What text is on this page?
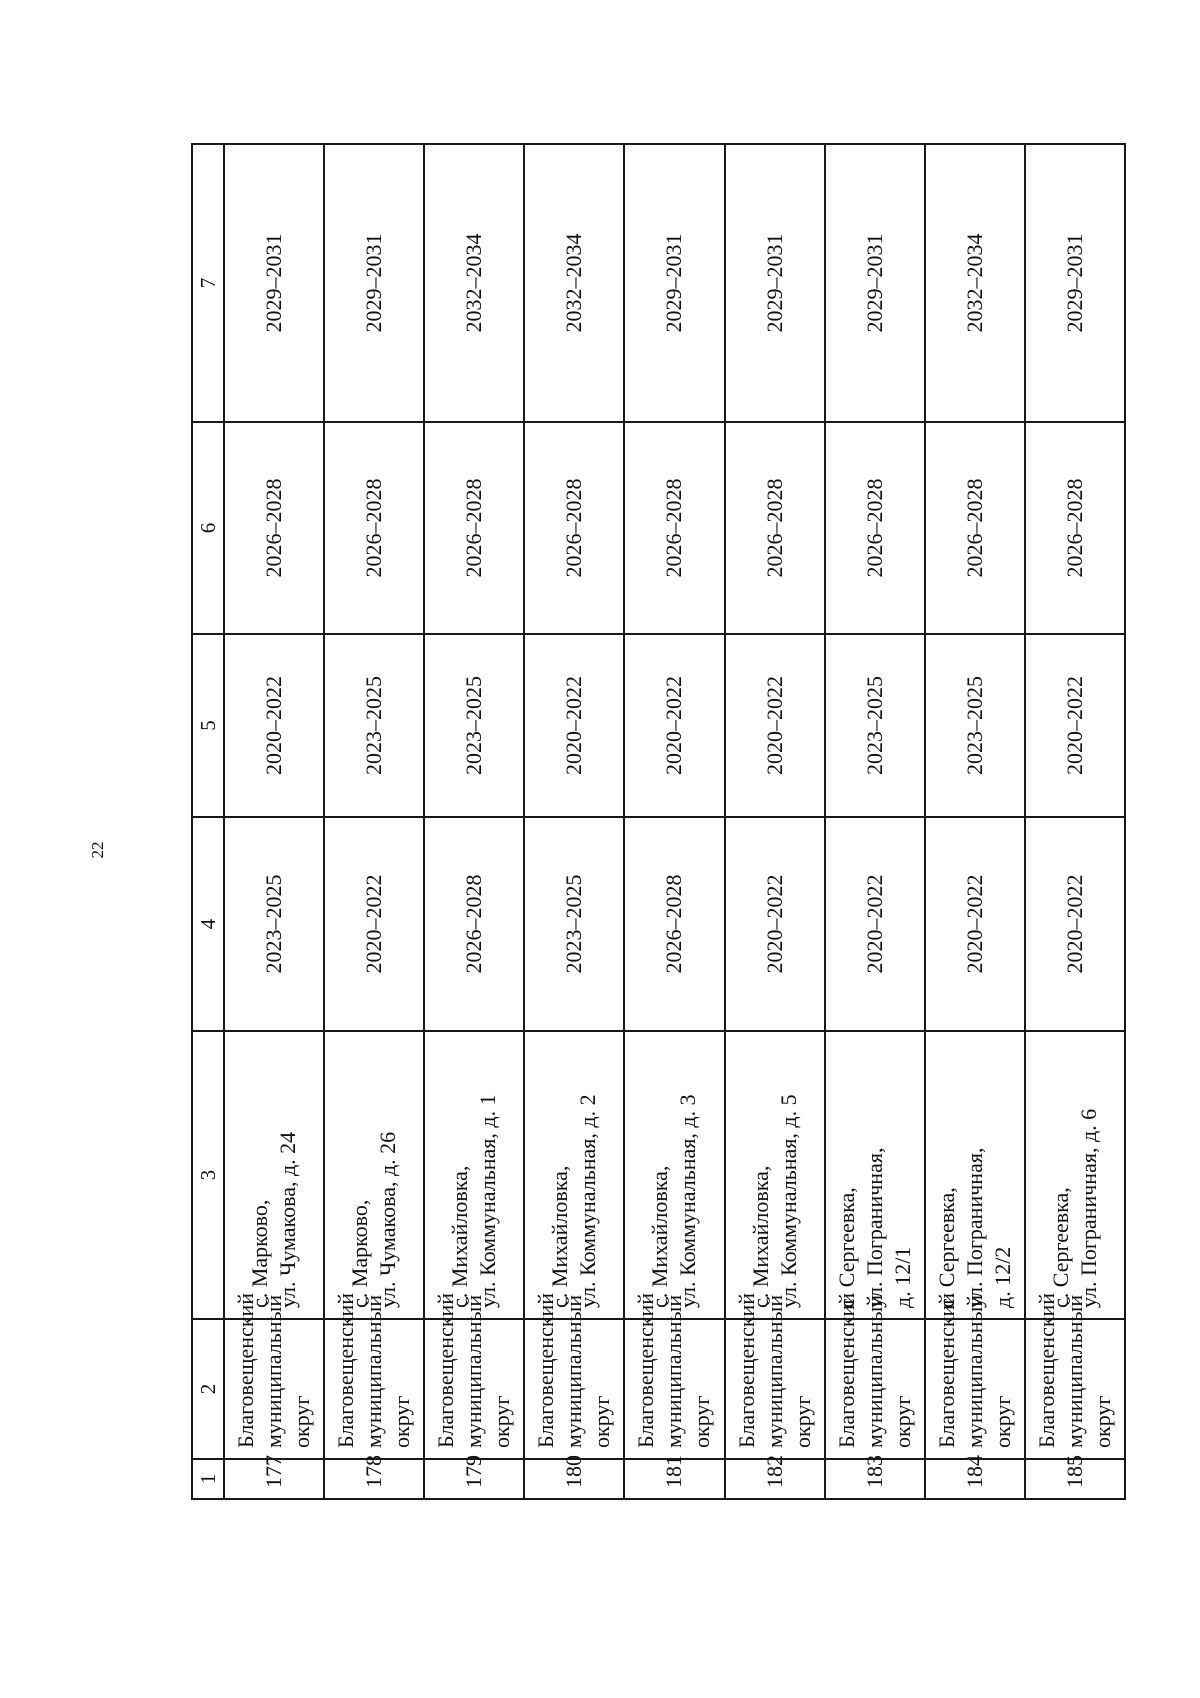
22
1	2	3	4	5	6	7
177	Благовещенский муниципальный округ	с. Марково, ул. Чумакова, д. 24	2023–2025	2020–2022	2026–2028	2029–2031
178	Благовещенский муниципальный округ	с. Марково, ул. Чумакова, д. 26	2020–2022	2023–2025	2026–2028	2029–2031
179	Благовещенский муниципальный округ	с. Михайловка, ул. Коммунальная, д. 1	2026–2028	2023–2025	2026–2028	2032–2034
180	Благовещенский муниципальный округ	с. Михайловка, ул. Коммунальная, д. 2	2023–2025	2020–2022	2026–2028	2032–2034
181	Благовещенский муниципальный округ	с. Михайловка, ул. Коммунальная, д. 3	2026–2028	2020–2022	2026–2028	2029–2031
182	Благовещенский муниципальный округ	с. Михайловка, ул. Коммунальная, д. 5	2020–2022	2020–2022	2026–2028	2029–2031
183	Благовещенский муниципальный округ	с. Сергеевка, ул. Пограничная, д. 12/1	2020–2022	2023–2025	2026–2028	2029–2031
184	Благовещенский муниципальный округ	с. Сергеевка, ул. Пограничная, д. 12/2	2020–2022	2023–2025	2026–2028	2032–2034
185	Благовещенский муниципальный округ	с. Сергеевка, ул. Пограничная, д. 6	2020–2022	2020–2022	2026–2028	2029–2031
